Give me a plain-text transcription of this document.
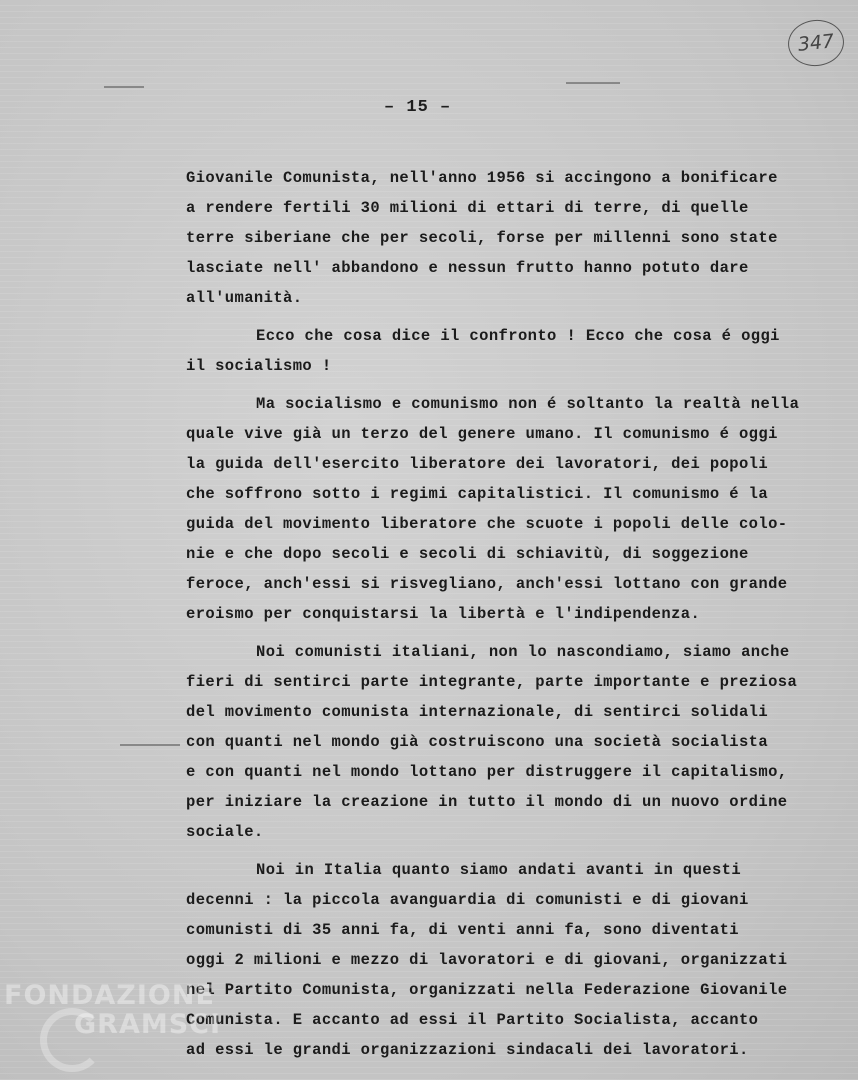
347
– 15 –
Giovanile Comunista, nell'anno 1956 si accingono a bonificare
a rendere fertili 30 milioni di ettari di terre, di quelle
terre siberiane che per secoli, forse per millenni sono state
lasciate nell' abbandono e nessun frutto hanno potuto dare
all'umanità.
Ecco che cosa dice il confronto ! Ecco che cosa é oggi
il socialismo !
Ma socialismo e comunismo non é soltanto la realtà nella
quale vive già un terzo del genere umano. Il comunismo é oggi
la guida dell'esercito liberatore dei lavoratori, dei popoli
che soffrono sotto i regimi capitalistici. Il comunismo é la
guida del movimento liberatore che scuote i popoli delle colo-
nie e che dopo secoli e secoli di schiavitù, di soggezione
feroce, anch'essi si risvegliano, anch'essi lottano con grande
eroismo per conquistarsi la libertà e l'indipendenza.
Noi comunisti italiani, non lo nascondiamo, siamo anche
fieri di sentirci parte integrante, parte importante e preziosa
del movimento comunista internazionale, di sentirci solidali
con quanti nel mondo già costruiscono una società socialista
e con quanti nel mondo lottano per distruggere il capitalismo,
per iniziare la creazione in tutto il mondo di un nuovo ordine
sociale.
Noi in Italia quanto siamo andati avanti in questi
decenni : la piccola avanguardia di comunisti e di giovani
comunisti di 35 anni fa, di venti anni fa, sono diventati
oggi 2 milioni e mezzo di lavoratori e di giovani, organizzati
nel Partito Comunista, organizzati nella Federazione Giovanile
Comunista. E accanto ad essi il Partito Socialista, accanto
ad essi le grandi organizzazioni sindacali dei lavoratori.
FONDAZIONE
GRAMSCI
